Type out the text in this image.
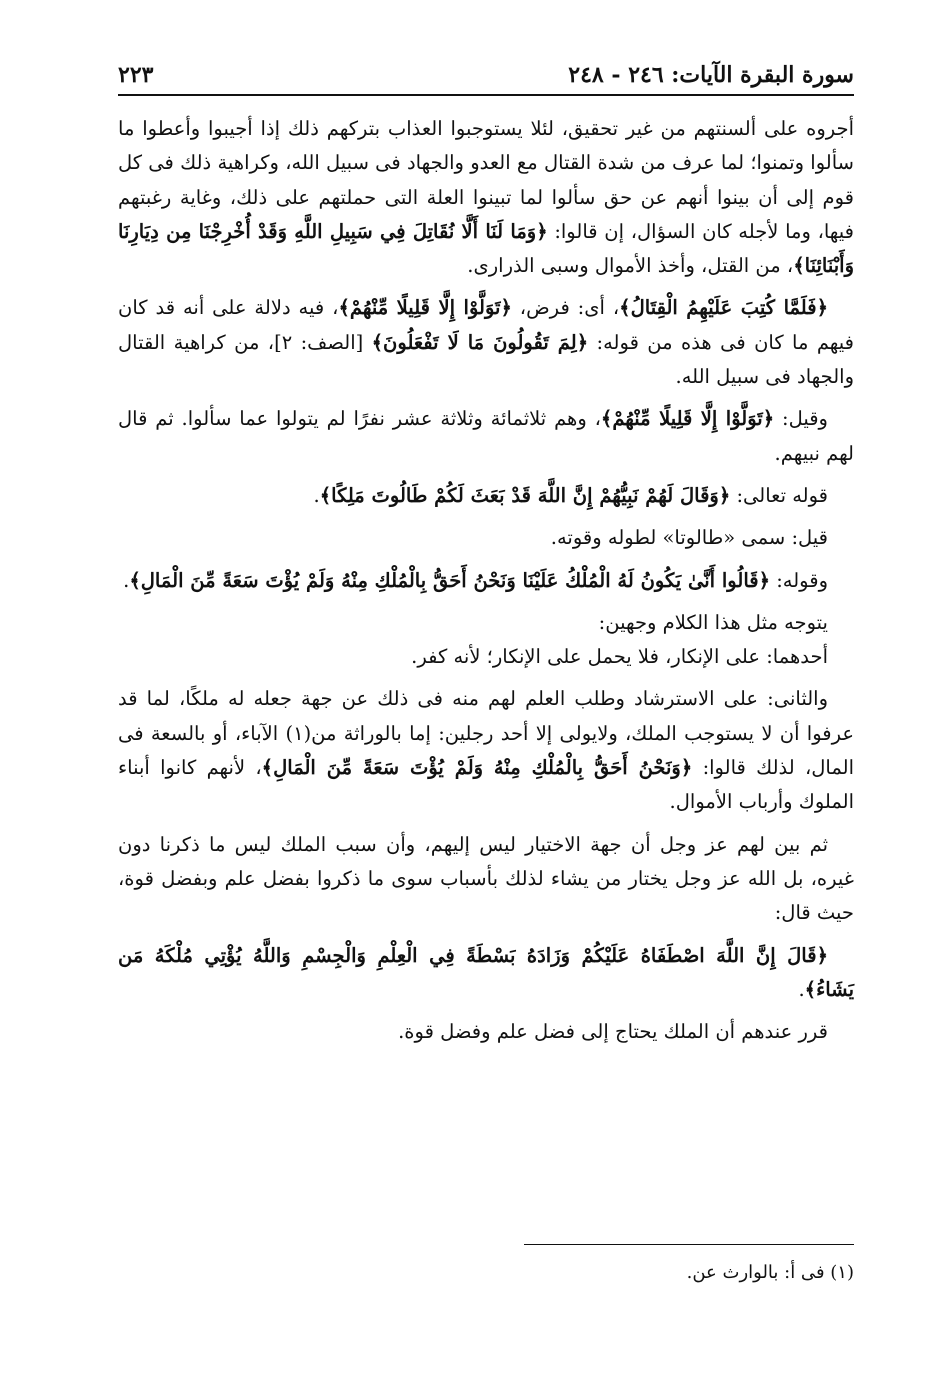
سورة البقرة الآيات: ٢٤٦ - ٢٤٨
٢٢٣

أجروه على ألسنتهم من غير تحقيق، لئلا يستوجبوا العذاب بتركهم ذلك إذا أجيبوا وأعطوا ما سألوا وتمنوا؛ لما عرف من شدة القتال مع العدو والجهاد فى سبيل الله، وكراهية ذلك فى كل قوم إلى أن بينوا أنهم عن حق سألوا لما تبينوا العلة التى حملتهم على ذلك، وغاية رغبتهم فيها، وما لأجله كان السؤال، إن قالوا: ﴿وَمَا لَنَا أَلَّا نُقَاتِلَ فِي سَبِيلِ اللَّهِ وَقَدْ أُخْرِجْنَا مِن دِيَارِنَا وَأَبْنَائِنَا﴾، من القتل، وأخذ الأموال وسبى الذرارى.

﴿فَلَمَّا كُتِبَ عَلَيْهِمُ الْقِتَالُ﴾، أى: فرض، ﴿تَوَلَّوْا إِلَّا قَلِيلًا مِّنْهُمْ﴾، فيه دلالة على أنه قد كان فيهم ما كان فى هذه من قوله: ﴿لِمَ تَقُولُونَ مَا لَا تَفْعَلُونَ﴾ [الصف: ٢]، من كراهية القتال والجهاد فى سبيل الله.

وقيل: ﴿تَوَلَّوْا إِلَّا قَلِيلًا مِّنْهُمْ﴾، وهم ثلاثمائة وثلاثة عشر نفرًا لم يتولوا عما سألوا. ثم قال لهم نبيهم.

قوله تعالى: ﴿وَقَالَ لَهُمْ نَبِيُّهُمْ إِنَّ اللَّهَ قَدْ بَعَثَ لَكُمْ طَالُوتَ مَلِكًا﴾.

قيل: سمى «طالوتا» لطوله وقوته.

وقوله: ﴿قَالُوا أَنَّىٰ يَكُونُ لَهُ الْمُلْكُ عَلَيْنَا وَنَحْنُ أَحَقُّ بِالْمُلْكِ مِنْهُ وَلَمْ يُؤْتَ سَعَةً مِّنَ الْمَالِ﴾.

يتوجه مثل هذا الكلام وجهين:

أحدهما: على الإنكار، فلا يحمل على الإنكار؛ لأنه كفر.

والثانى: على الاسترشاد وطلب العلم لهم منه فى ذلك عن جهة جعله له ملكًا، لما قد عرفوا أن لا يستوجب الملك، ولايولى إلا أحد رجلين: إما بالوراثة من(١) الآباء، أو بالسعة فى المال، لذلك قالوا: ﴿وَنَحْنُ أَحَقُّ بِالْمُلْكِ مِنْهُ وَلَمْ يُؤْتَ سَعَةً مِّنَ الْمَالِ﴾، لأنهم كانوا أبناء الملوك وأرباب الأموال.

ثم بين لهم عز وجل أن جهة الاختيار ليس إليهم، وأن سبب الملك ليس ما ذكرنا دون غيره، بل الله عز وجل يختار من يشاء لذلك بأسباب سوى ما ذكروا بفضل علم وبفضل قوة، حيث قال:

﴿قَالَ إِنَّ اللَّهَ اصْطَفَاهُ عَلَيْكُمْ وَزَادَهُ بَسْطَةً فِي الْعِلْمِ وَالْجِسْمِ وَاللَّهُ يُؤْتِي مُلْكَهُ مَن يَشَاءُ﴾.

قرر عندهم أن الملك يحتاج إلى فضل علم وفضل قوة.

(١) فى أ: بالوارث عن.
